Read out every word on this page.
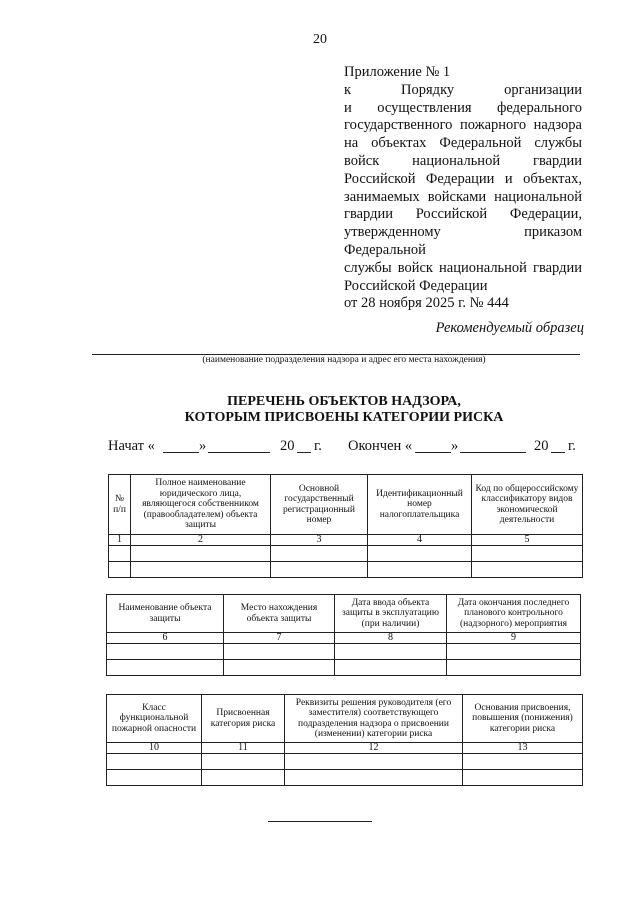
20
Приложение № 1
к Порядку организации
и осуществления федерального
государственного пожарного надзора
на объектах Федеральной службы
войск национальной гвардии
Российской Федерации и объектах,
занимаемых войсками национальной
гвардии Российской Федерации,
утвержденному приказом Федеральной
службы войск национальной гвардии
Российской Федерации
от 28 ноября 2025 г. № 444
Рекомендуемый образец
(наименование подразделения надзора и адрес его места нахождения)
ПЕРЕЧЕНЬ ОБЪЕКТОВ НАДЗОРА,
КОТОРЫМ ПРИСВОЕНЫ КАТЕГОРИИ РИСКА
Начат «	»	20 г. Окончен «	»	20 г.
№ п/п	Полное наименование юридического лица, являющегося собственником (правообладателем) объекта защиты	Основной государственный регистрационный номер	Идентификационный номер налогоплательщика	Код по общероссийскому классификатору видов экономической деятельности
1	2	3	4	5

Наименование объекта защиты	Место нахождения объекта защиты	Дата ввода объекта защиты в эксплуатацию (при наличии)	Дата окончания последнего планового контрольного (надзорного) мероприятия
6	7	8	9

Класс функциональной пожарной опасности	Присвоенная категория риска	Реквизиты решения руководителя (его заместителя) соответствующего подразделения надзора о присвоении (изменении) категории риска	Основания присвоения, повышения (понижения) категории риска
10	11	12	13
